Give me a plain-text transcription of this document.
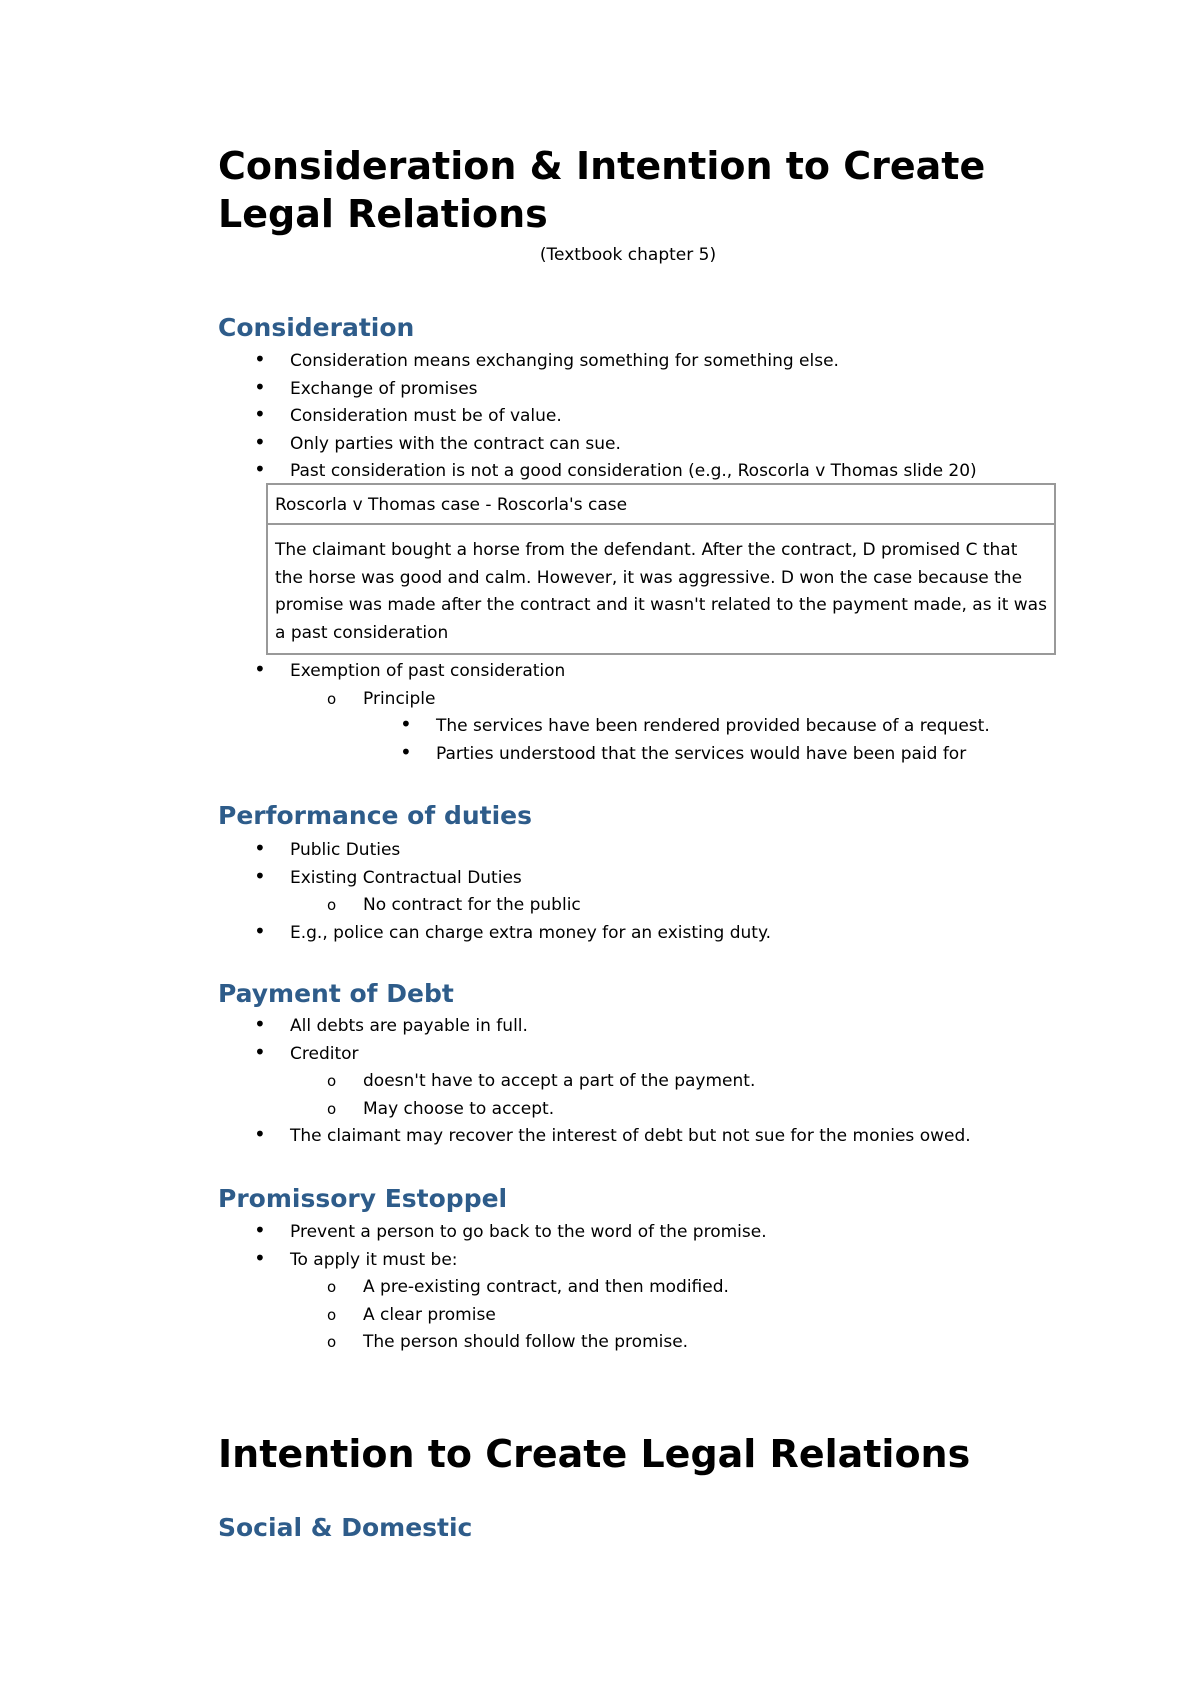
Consideration & Intention to Create Legal Relations
(Textbook chapter 5)
Consideration
• Consideration means exchanging something for something else.
• Exchange of promises
• Consideration must be of value.
• Only parties with the contract can sue.
• Past consideration is not a good consideration (e.g., Roscorla v Thomas slide 20)
Roscorla v Thomas case - Roscorla's case
The claimant bought a horse from the defendant. After the contract, D promised C that the horse was good and calm. However, it was aggressive. D won the case because the promise was made after the contract and it wasn't related to the payment made, as it was a past consideration
• Exemption of past consideration
o Principle
• The services have been rendered provided because of a request.
• Parties understood that the services would have been paid for
Performance of duties
• Public Duties
• Existing Contractual Duties
o No contract for the public
• E.g., police can charge extra money for an existing duty.
Payment of Debt
• All debts are payable in full.
• Creditor
o doesn't have to accept a part of the payment.
o May choose to accept.
• The claimant may recover the interest of debt but not sue for the monies owed.
Promissory Estoppel
• Prevent a person to go back to the word of the promise.
• To apply it must be:
o A pre-existing contract, and then modified.
o A clear promise
o The person should follow the promise.
Intention to Create Legal Relations
Social & Domestic
